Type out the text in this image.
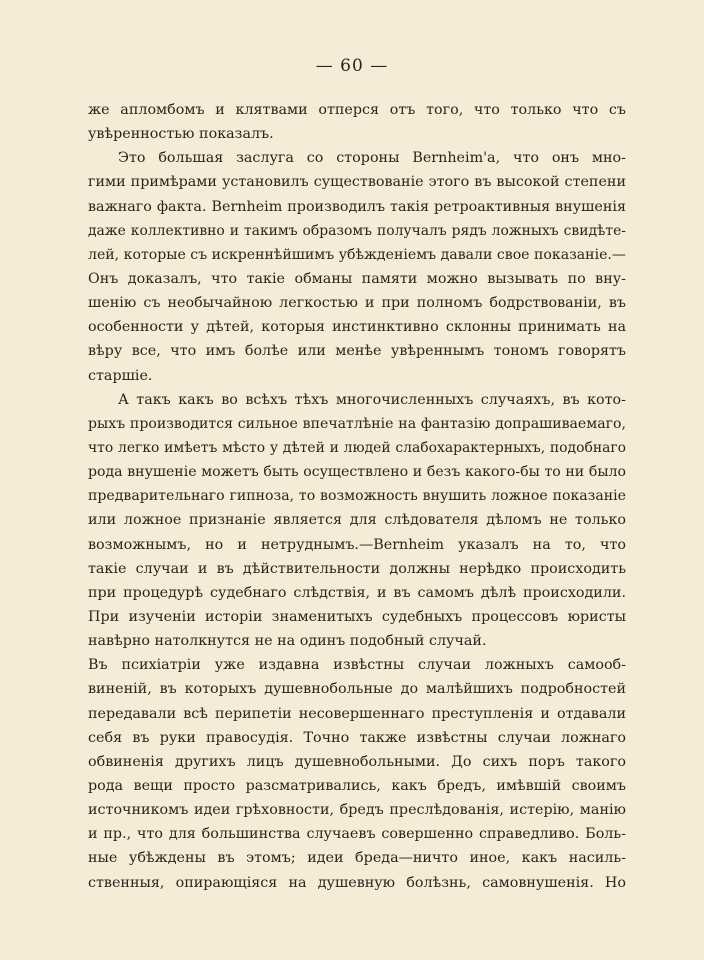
— 60 —
же апломбомъ и клятвами отперся отъ того, что только что съ
увѣренностью показалъ.
Это большая заслуга со стороны Bernheim'a, что онъ мно-
гими примѣрами установилъ существованіе этого въ высокой степени
важнаго факта. Bernheim производилъ такія ретроактивныя внушенія
даже коллективно и такимъ образомъ получалъ рядъ ложныхъ свидѣте-
лей, которые съ искреннѣйшимъ убѣжденіемъ давали свое показаніе.—
Онъ доказалъ, что такіе обманы памяти можно вызывать по вну-
шенію съ необычайною легкостью и при полномъ бодрствованіи, въ
особенности у дѣтей, которыя инстинктивно склонны принимать на
вѣру все, что имъ болѣе или менѣе увѣреннымъ тономъ говорятъ
старшіе.
А такъ какъ во всѣхъ тѣхъ многочисленныхъ случаяхъ, въ кото-
рыхъ производится сильное впечатлѣніе на фантазію допрашиваемаго,
что легко имѣетъ мѣсто у дѣтей и людей слабохарактерныхъ, подобнаго
рода внушеніе можетъ быть осуществлено и безъ какого-бы то ни было
предварительнаго гипноза, то возможность внушить ложное показаніе
или ложное признаніе является для слѣдователя дѣломъ не только
возможнымъ, но и нетруднымъ.—Bernheim указалъ на то, что
такіе случаи и въ дѣйствительности должны нерѣдко происходить
при процедурѣ судебнаго слѣдствія, и въ самомъ дѣлѣ происходили.
При изученіи исторіи знаменитыхъ судебныхъ процессовъ юристы
навѣрно натолкнутся не на одинъ подобный случай.
Въ психіатріи уже издавна извѣстны случаи ложныхъ самооб-
виненій, въ которыхъ душевнобольные до малѣйшихъ подробностей
передавали всѣ перипетіи несовершеннаго преступленія и отдавали
себя въ руки правосудія. Точно также извѣстны случаи ложнаго
обвиненія другихъ лицъ душевнобольными. До сихъ поръ такого
рода вещи просто разсматривались, какъ бредъ, имѣвшій своимъ
источникомъ идеи грѣховности, бредъ преслѣдованія, истерію, манію
и пр., что для большинства случаевъ совершенно справедливо. Боль-
ные убѣждены въ этомъ; идеи бреда—ничто иное, какъ насиль-
ственныя, опирающіяся на душевную болѣзнь, самовнушенія. Но
